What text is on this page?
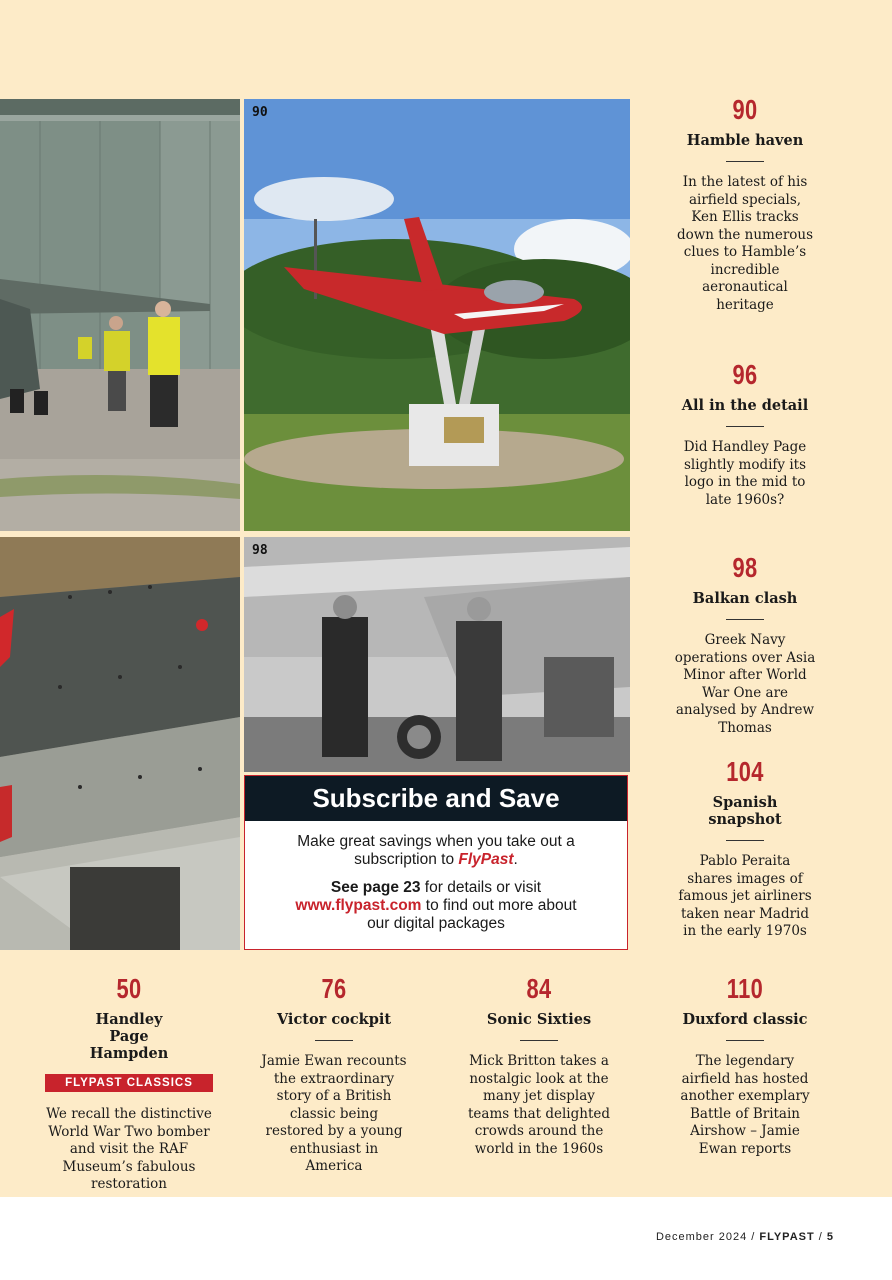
90
98
Subscribe and Save
Make great savings when you take out a subscription to FlyPast.
See page 23 for details or visit www.flypast.com to find out more about our digital packages
90
Hamble haven
In the latest of his airfield specials, Ken Ellis tracks down the numerous clues to Hamble’s incredible aeronautical heritage
96
All in the detail
Did Handley Page slightly modify its logo in the mid to late 1960s?
98
Balkan clash
Greek Navy operations over Asia Minor after World War One are analysed by Andrew Thomas
104
Spanish snapshot
Pablo Peraita shares images of famous jet airliners taken near Madrid in the early 1970s
50
Handley Page Hampden
FLYPAST CLASSICS
We recall the distinctive World War Two bomber and visit the RAF Museum’s fabulous restoration
76
Victor cockpit
Jamie Ewan recounts the extraordinary story of a British classic being restored by a young enthusiast in America
84
Sonic Sixties
Mick Britton takes a nostalgic look at the many jet display teams that delighted crowds around the world in the 1960s
110
Duxford classic
The legendary airfield has hosted another exemplary Battle of Britain Airshow – Jamie Ewan reports
December 2024 / FLYPAST / 5
